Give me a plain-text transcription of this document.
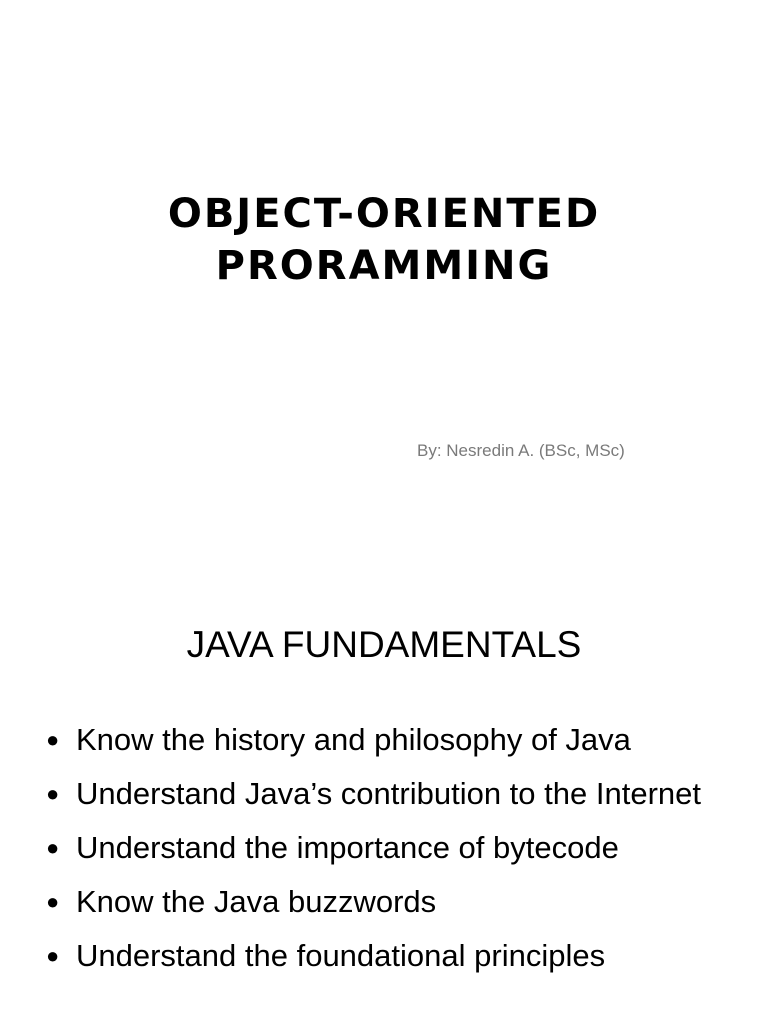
OBJECT-ORIENTED
PRORAMMING
By: Nesredin A. (BSc, MSc)
JAVA FUNDAMENTALS
● Know the history and philosophy of Java
● Understand Java’s contribution to the Internet
● Understand the importance of bytecode
● Know the Java buzzwords
● Understand the foundational principles
